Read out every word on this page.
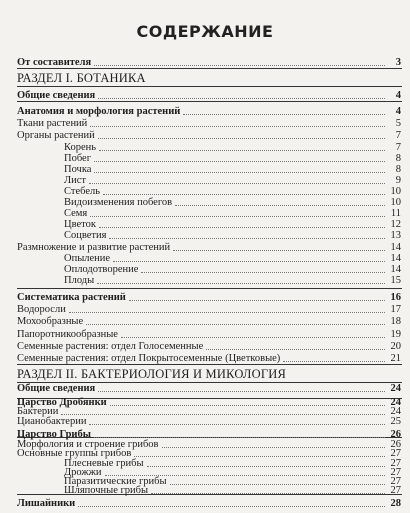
СОДЕРЖАНИЕ
От составителя	3
РАЗДЕЛ I. БОТАНИКА
Общие сведения	4
Анатомия и морфология растений	4
Ткани растений	5
Органы растений	7
Корень	7
Побег	8
Почка	8
Лист	9
Стебель	10
Видоизменения побегов	10
Семя	11
Цветок	12
Соцветия	13
Размножение и развитие растений	14
Опыление	14
Оплодотворение	14
Плоды	15
Систематика растений	16
Водоросли	17
Мохообразные	18
Папоротникообразные	19
Семенные растения: отдел Голосеменные	20
Семенные растения: отдел Покрытосеменные (Цветковые)	21
РАЗДЕЛ II. БАКТЕРИОЛОГИЯ И МИКОЛОГИЯ
Общие сведения	24
Царство Дробянки	24
Бактерии	24
Цианобактерии	25
Царство Грибы	26
Морфология и строение грибов	26
Основные группы грибов	27
Плесневые грибы	27
Дрожжи	27
Паразитические грибы	27
Шляпочные грибы	27
Лишайники	28
